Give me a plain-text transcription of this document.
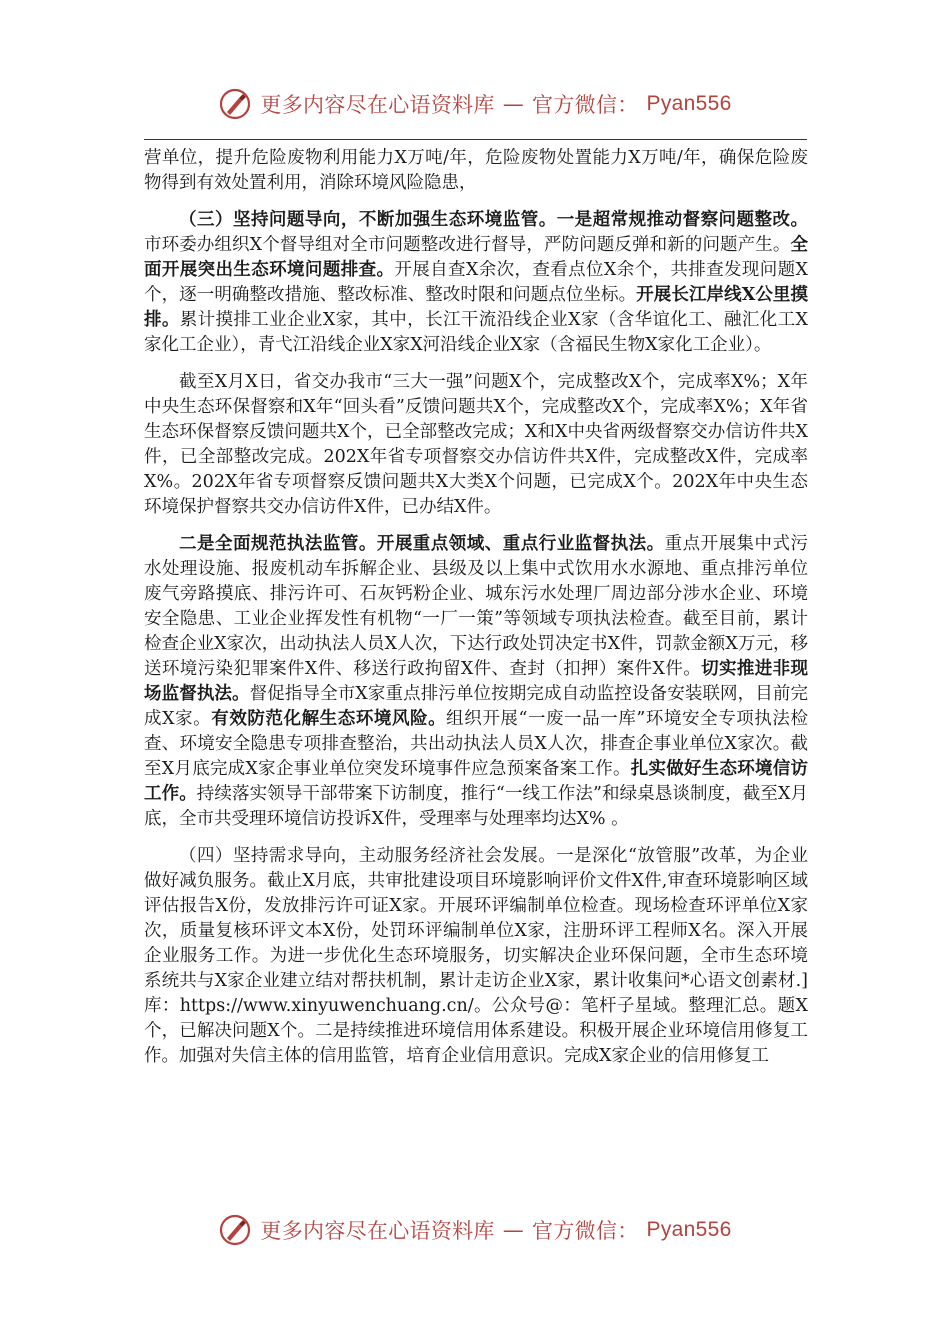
更多内容尽在心语资料库 — 官方微信： Pyan556

营单位，提升危险废物利用能力X万吨/年，危险废物处置能力X万吨/年，确保危险废物得到有效处置利用，消除环境风险隐患，

（三）坚持问题导向，不断加强生态环境监管。一是超常规推动督察问题整改。市环委办组织X个督导组对全市问题整改进行督导，严防问题反弹和新的问题产生。全面开展突出生态环境问题排查。开展自查X余次，查看点位X余个，共排查发现问题X个，逐一明确整改措施、整改标准、整改时限和问题点位坐标。开展长江岸线X公里摸排。累计摸排工业企业X家，其中，长江干流沿线企业X家（含华谊化工、融汇化工X家化工企业），青弋江沿线企业X家X河沿线企业X家（含福民生物X家化工企业）。

截至X月X日，省交办我市“三大一强”问题X个，完成整改X个，完成率X%；X年中央生态环保督察和X年“回头看”反馈问题共X个，完成整改X个，完成率X%；X年省生态环保督察反馈问题共X个，已全部整改完成；X和X中央省两级督察交办信访件共X件，已全部整改完成。202X年省专项督察交办信访件共X件，完成整改X件，完成率X%。202X年省专项督察反馈问题共X大类X个问题，已完成X个。202X年中央生态环境保护督察共交办信访件X件，已办结X件。

二是全面规范执法监管。开展重点领域、重点行业监督执法。重点开展集中式污水处理设施、报废机动车拆解企业、县级及以上集中式饮用水水源地、重点排污单位废气旁路摸底、排污许可、石灰钙粉企业、城东污水处理厂周边部分涉水企业、环境安全隐患、工业企业挥发性有机物“一厂一策”等领域专项执法检查。截至目前，累计检查企业X家次，出动执法人员X人次，下达行政处罚决定书X件，罚款金额X万元，移送环境污染犯罪案件X件、移送行政拘留X件、查封（扣押）案件X件。切实推进非现场监督执法。督促指导全市X家重点排污单位按期完成自动监控设备安装联网，目前完成X家。有效防范化解生态环境风险。组织开展“一废一品一库”环境安全专项执法检查、环境安全隐患专项排查整治，共出动执法人员X人次，排查企事业单位X家次。截至X月底完成X家企事业单位突发环境事件应急预案备案工作。扎实做好生态环境信访工作。持续落实领导干部带案下访制度，推行“一线工作法”和绿桌恳谈制度，截至X月底，全市共受理环境信访投诉X件，受理率与处理率均达X% 。

（四）坚持需求导向，主动服务经济社会发展。一是深化“放管服”改革，为企业做好减负服务。截止X月底，共审批建设项目环境影响评价文件X件,审查环境影响区域评估报告X份，发放排污许可证X家。开展环评编制单位检查。现场检查环评单位X家次，质量复核环评文本X份，处罚环评编制单位X家，注册环评工程师X名。深入开展企业服务工作。为进一步优化生态环境服务，切实解决企业环保问题，全市生态环境系统共与X家企业建立结对帮扶机制，累计走访企业X家，累计收集问*心语文创素材.]库：https://www.xinyuwenchuang.cn/。公众号@：笔杆子星域。整理汇总。题X个，已解决问题X个。二是持续推进环境信用体系建设。积极开展企业环境信用修复工作。加强对失信主体的信用监管，培育企业信用意识。完成X家企业的信用修复工

更多内容尽在心语资料库 — 官方微信： Pyan556
